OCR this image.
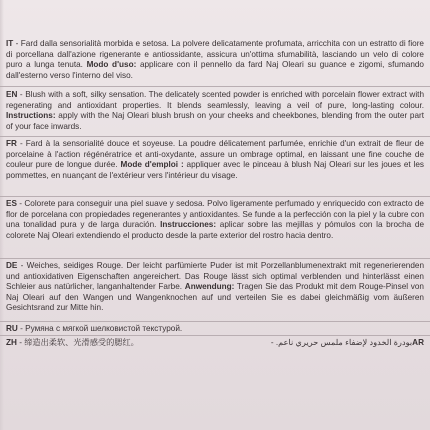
IT - Fard dalla sensorialità morbida e setosa. La polvere delicatamente profumata, arricchita con un estratto di fiore di porcellana dall'azione rigenerante e antiossidante, assicura un'ottima sfumabilità, lasciando un velo di colore puro a lunga tenuta. Modo d'uso: applicare con il pennello da fard Naj Oleari su guance e zigomi, sfumando dall'esterno verso l'interno del viso.
EN - Blush with a soft, silky sensation. The delicately scented powder is enriched with porcelain flower extract with regenerating and antioxidant properties. It blends seamlessly, leaving a veil of pure, long-lasting colour. Instructions: apply with the Naj Oleari blush brush on your cheeks and cheekbones, blending from the outer part of your face inwards.
FR - Fard à la sensorialité douce et soyeuse. La poudre délicatement parfumée, enrichie d'un extrait de fleur de porcelaine à l'action régénératrice et anti-oxydante, assure un ombrage optimal, en laissant une fine couche de couleur pure de longue durée. Mode d'emploi : appliquer avec le pinceau à blush Naj Oleari sur les joues et les pommettes, en nuançant de l'extérieur vers l'intérieur du visage.
ES - Colorete para conseguir una piel suave y sedosa. Polvo ligeramente perfumado y enriquecido con extracto de flor de porcelana con propiedades regenerantes y antioxidantes. Se funde a la perfección con la piel y la cubre con una tonalidad pura y de larga duración. Instrucciones: aplicar sobre las mejillas y pómulos con la brocha de colorete Naj Oleari extendiendo el producto desde la parte exterior del rostro hacia dentro.
DE - Weiches, seidiges Rouge. Der leicht parfümierte Puder ist mit Porzellanblumenextrakt mit regenerierenden und antioxidativen Eigenschaften angereichert. Das Rouge lässt sich optimal verblenden und hinterlässt einen Schleier aus natürlicher, langanhaltender Farbe. Anwendung: Tragen Sie das Produkt mit dem Rouge-Pinsel von Naj Oleari auf den Wangen und Wangenknochen auf und verteilen Sie es dabei gleichmäßig vom äußeren Gesichtsrand zur Mitte hin.
RU - Румяна с мягкой шелковистой текстурой.
ZH - 缔造出柔软、光滑感受的腮红。	بودرة الخدود لإضفاء ملمس حريري ناعم. - AR
